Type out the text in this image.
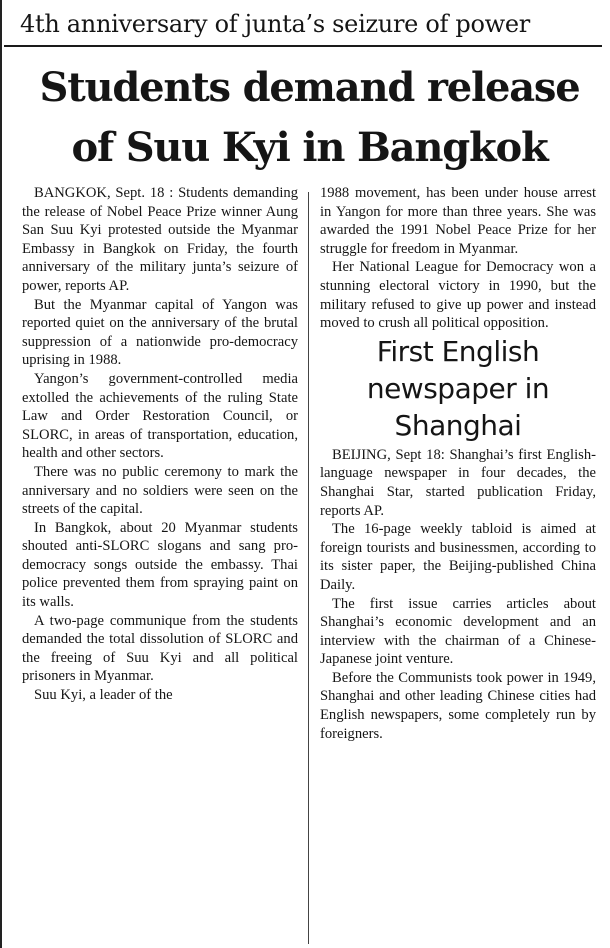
4th anniversary of junta’s seizure of power
Students demand release
of Suu Kyi in Bangkok

BANGKOK, Sept. 18 : Students demanding the release of Nobel Peace Prize winner Aung San Suu Kyi protested outside the Myanmar Embassy in Bangkok on Friday, the fourth anniversary of the military junta’s seizure of power, reports AP.

But the Myanmar capital of Yangon was reported quiet on the anniversary of the brutal suppression of a nationwide pro-democracy uprising in 1988.

Yangon’s government-controlled media extolled the achievements of the ruling State Law and Order Restoration Council, or SLORC, in areas of transportation, education, health and other sectors.

There was no public ceremony to mark the anniversary and no soldiers were seen on the streets of the capital.

In Bangkok, about 20 Myanmar students shouted anti-SLORC slogans and sang pro-democracy songs outside the embassy. Thai police prevented them from spraying paint on its walls.

A two-page communique from the students demanded the total dissolution of SLORC and the freeing of Suu Kyi and all political prisoners in Myanmar.

Suu Kyi, a leader of the

1988 movement, has been under house arrest in Yangon for more than three years. She was awarded the 1991 Nobel Peace Prize for her struggle for freedom in Myanmar.

Her National League for Democracy won a stunning electoral victory in 1990, but the military refused to give up power and instead moved to crush all political opposition.

First English
newspaper in
Shanghai

BEIJING, Sept 18: Shanghai’s first English-language newspaper in four decades, the Shanghai Star, started publication Friday, reports AP.

The 16-page weekly tabloid is aimed at foreign tourists and businessmen, according to its sister paper, the Beijing-published China Daily.

The first issue carries articles about Shanghai’s economic development and an interview with the chairman of a Chinese-Japanese joint venture.

Before the Communists took power in 1949, Shanghai and other leading Chinese cities had English newspapers, some completely run by foreigners.
